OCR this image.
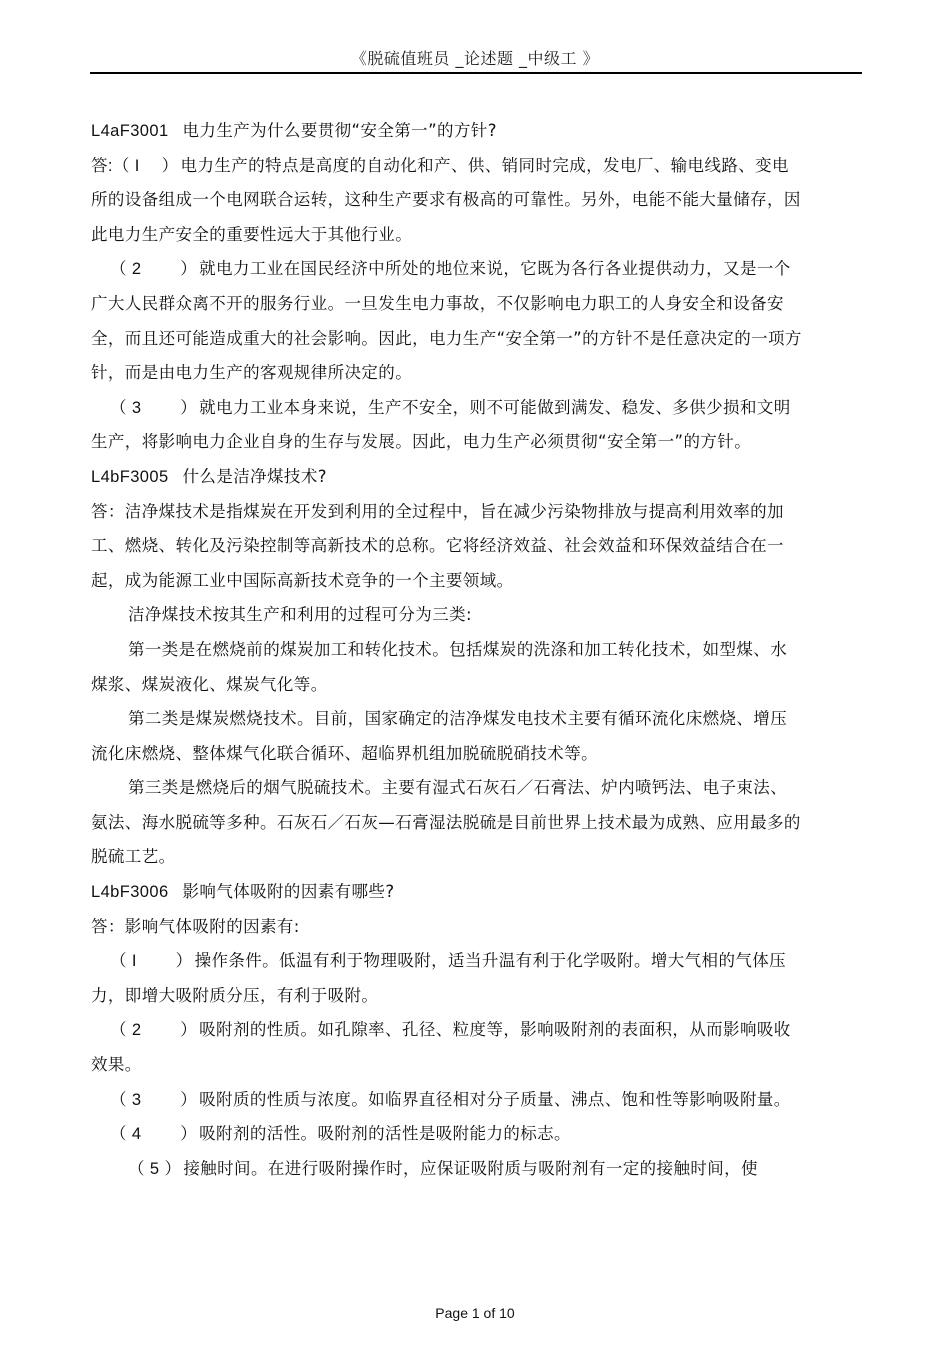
《脱硫值班员 _论述题 _中级工 》

L4aF3001 电力生产为什么要贯彻“安全第一”的方针?

答:（ I　 ） 电力生产的特点是高度的自动化和产、供、销同时完成，发电厂、输电线路、变电所的设备组成一个电网联合运转，这种生产要求有极高的可靠性。另外，电能不能大量储存，因此电力生产安全的重要性远大于其他行业。

（ 2　　 ） 就电力工业在国民经济中所处的地位来说，它既为各行各业提供动力，又是一个广大人民群众离不开的服务行业。一旦发生电力事故，不仅影响电力职工的人身安全和设备安全，而且还可能造成重大的社会影响。因此，电力生产“安全第一”的方针不是任意决定的一项方针，而是由电力生产的客观规律所决定的。

（ 3　　 ） 就电力工业本身来说，生产不安全，则不可能做到满发、稳发、多供少损和文明生产，将影响电力企业自身的生存与发展。因此，电力生产必须贯彻“安全第一”的方针。

L4bF3005 什么是洁净煤技术?

答：洁净煤技术是指煤炭在开发到利用的全过程中，旨在减少污染物排放与提高利用效率的加工、燃烧、转化及污染控制等高新技术的总称。它将经济效益、社会效益和环保效益结合在一起，成为能源工业中国际高新技术竞争的一个主要领域。

洁净煤技术按其生产和利用的过程可分为三类:

第一类是在燃烧前的煤炭加工和转化技术。包括煤炭的洗涤和加工转化技术，如型煤、水煤浆、煤炭液化、煤炭气化等。

第二类是煤炭燃烧技术。目前，国家确定的洁净煤发电技术主要有循环流化床燃烧、增压流化床燃烧、整体煤气化联合循环、超临界机组加脱硫脱硝技术等。

第三类是燃烧后的烟气脱硫技术。主要有湿式石灰石／石膏法、炉内喷钙法、电子束法、氨法、海水脱硫等多种。石灰石／石灰—石膏湿法脱硫是目前世界上技术最为成熟、应用最多的脱硫工艺。

L4bF3006 影响气体吸附的因素有哪些?

答：影响气体吸附的因素有:

（ I　　 ） 操作条件。低温有利于物理吸附，适当升温有利于化学吸附。增大气相的气体压力，即增大吸附质分压，有利于吸附。

（ 2　　 ） 吸附剂的性质。如孔隙率、孔径、粒度等，影响吸附剂的表面积，从而影响吸收效果。

（ 3　　 ） 吸附质的性质与浓度。如临界直径相对分子质量、沸点、饱和性等影响吸附量。

（ 4　　 ） 吸附剂的活性。吸附剂的活性是吸附能力的标志。

（ 5 ） 接触时间。在进行吸附操作时，应保证吸附质与吸附剂有一定的接触时间，使

Page 1 of 10
